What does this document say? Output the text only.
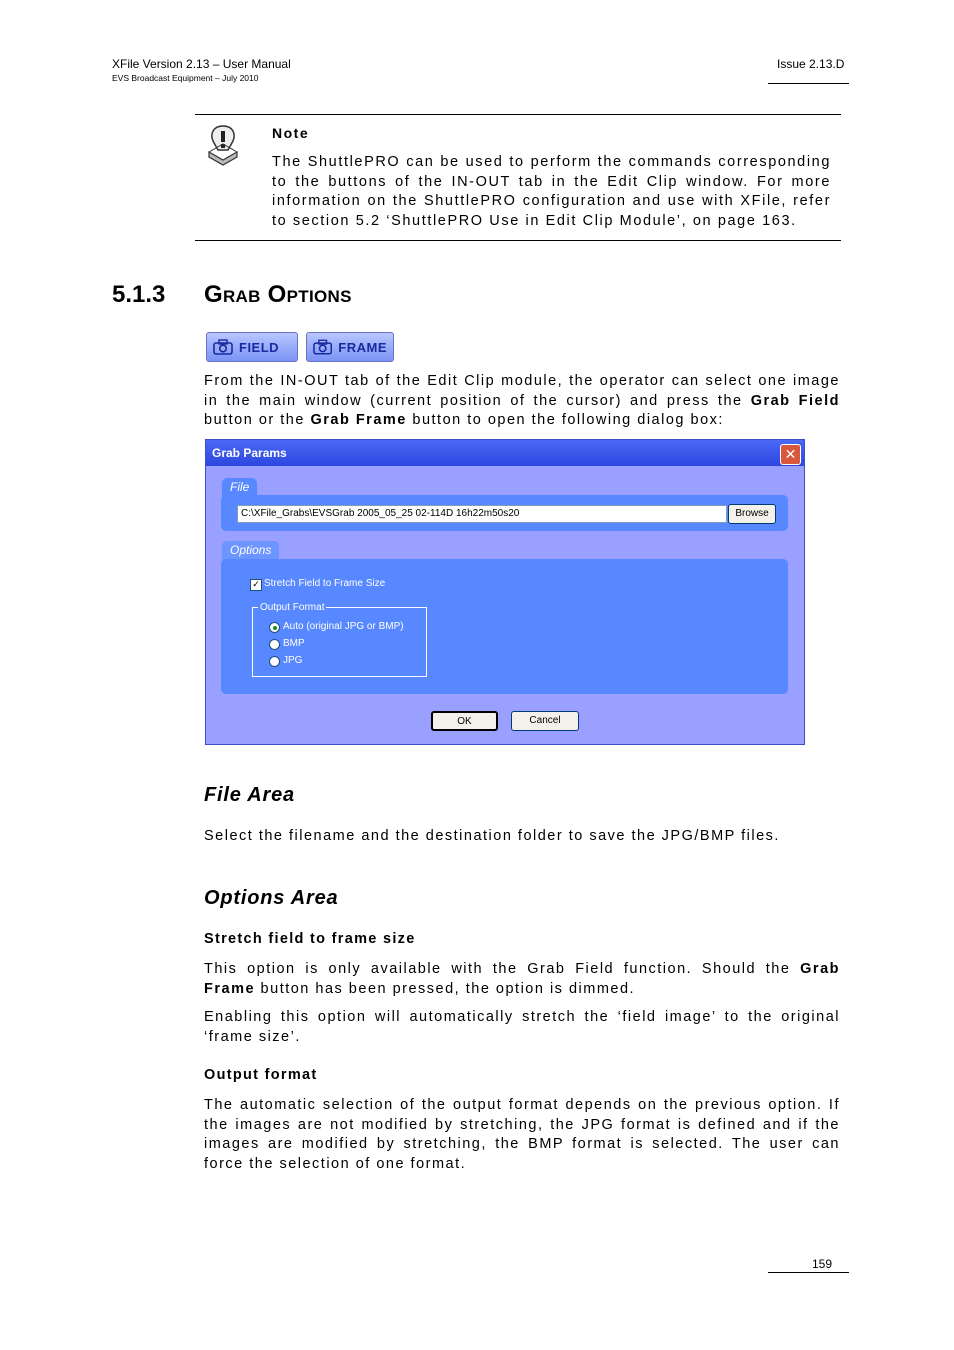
XFile Version 2.13 – User Manual
EVS Broadcast Equipment – July 2010
Issue 2.13.D
Note
The ShuttlePRO can be used to perform the commands corresponding to the buttons of the IN-OUT tab in the Edit Clip window. For more information on the ShuttlePRO configuration and use with XFile, refer to section 5.2 ‘ShuttlePRO Use in Edit Clip Module’, on page 163.
5.1.3 Grab Options
FIELD	FRAME
From the IN-OUT tab of the Edit Clip module, the operator can select one image in the main window (current position of the cursor) and press the Grab Field button or the Grab Frame button to open the following dialog box:
Grab Params	✕
File
C:\XFile_Grabs\EVSGrab 2005_05_25 02-114D 16h22m50s20	Browse
Options
✓ Stretch Field to Frame Size
Output Format
Auto (original JPG or BMP)
BMP
JPG
OK	Cancel
File Area
Select the filename and the destination folder to save the JPG/BMP files.
Options Area
Stretch field to frame size
This option is only available with the Grab Field function. Should the Grab Frame button has been pressed, the option is dimmed.
Enabling this option will automatically stretch the ‘field image’ to the original ‘frame size’.
Output format
The automatic selection of the output format depends on the previous option. If the images are not modified by stretching, the JPG format is defined and if the images are modified by stretching, the BMP format is selected. The user can force the selection of one format.
159
